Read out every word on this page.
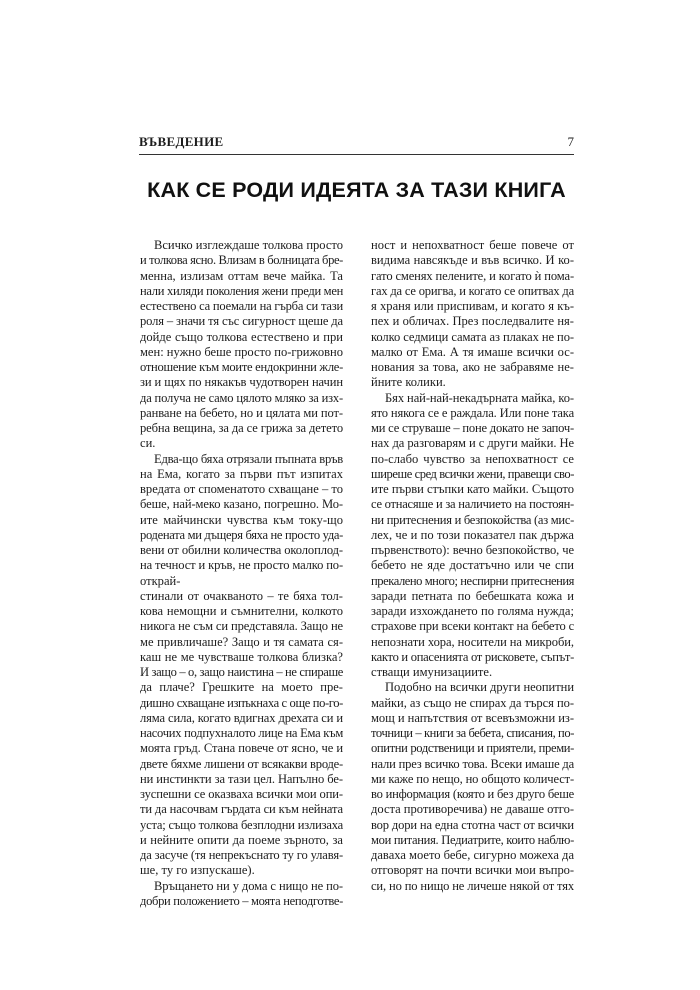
ВЪВЕДЕНИЕ	7
КАК СЕ РОДИ ИДЕЯТА ЗА ТАЗИ КНИГА
Всичко изглеждаше толкова просто
и толкова ясно. Влизам в болницата бре-
менна, излизам оттам вече майка. Та
нали хиляди поколения жени преди мен
естествено са поемали на гърба си тази
роля – значи тя със сигурност щеше да
дойде също толкова естествено и при
мен: нужно беше просто по-грижовно
отношение към моите ендокринни жле-
зи и щях по някакъв чудотворен начин
да получа не само цялото мляко за изх-
ранване на бебето, но и цялата ми пот-
ребна вещина, за да се грижа за детето
си.
Едва-що бяха отрязали пъпната връв
на Ема, когато за първи път изпитах
вредата от споменатото схващане – то
беше, най-меко казано, погрешно. Мо-
ите майчински чувства към току-що
родената ми дъщеря бяха не просто уда-
вени от обилни количества околоплод-
на течност и кръв, не просто малко по-
открай-
стинали от очакваното – те бяха тол-
кова немощни и съмнителни, колкото
никога не съм си представяла. Защо не
ме привличаше? Защо и тя самата ся-
каш не ме чувстваше толкова близка?
И защо – о, защо наистина – не спираше
да плаче? Грешките на моето пре-
дишно схващане изпъкнаха с още по-го-
ляма сила, когато вдигнах дрехата си и
насочих подпухналото лице на Ема към
моята гръд. Стана повече от ясно, че и
двете бяхме лишени от всякакви вроде-
ни инстинкти за тази цел. Напълно бе-
зуспешни се оказваха всички мои опи-
ти да насочвам гърдата си към нейната
уста; също толкова безплодни излизаха
и нейните опити да поеме зърното, за
да засуче (тя непрекъснато ту го улавя-
ше, ту го изпускаше).
Връщането ни у дома с нищо не по-
добри положението – моята неподготве-
ност и непохватност беше повече от
видима навсякъде и във всичко. И ко-
гато сменях пелените, и когато ѝ пома-
гах да се оригва, и когато се опитвах да
я храня или приспивам, и когато я къ-
пех и обличах. През последвалите ня-
колко седмици самата аз плаках не по-
малко от Ема. А тя имаше всички ос-
нования за това, ако не забравяме не-
йните колики.
Бях най-най-некадърната майка, ко-
ято някога се е раждала. Или поне така
ми се струваше – поне докато не започ-
нах да разговарям и с други майки. Не
по-слабо чувство за непохватност се
ширеше сред всички жени, правещи сво-
ите първи стъпки като майки. Същото
се отнасяше и за наличието на постоян-
ни притеснения и безпокойства (аз мис-
лех, че и по този показател пак държа
първенството): вечно безпокойство, че
бебето не яде достатъчно или че спи
прекалено много; неспирни притеснения
заради петната по бебешката кожа и
заради изхождането по голяма нужда;
страхове при всеки контакт на бебето с
непознати хора, носители на микроби,
както и опасенията от рисковете, съпът-
стващи имунизациите.
Подобно на всички други неопитни
майки, аз също не спирах да търся по-
мощ и напътствия от всевъзможни из-
точници – книги за бебета, списания, по-
опитни родственици и приятели, преми-
нали през всичко това. Всеки имаше да
ми каже по нещо, но общото количест-
во информация (която и без друго беше
доста противоречива) не даваше отго-
вор дори на една стотна част от всички
мои питания. Педиатрите, които наблю-
даваха моето бебе, сигурно можеха да
отговорят на почти всички мои въпро-
си, но по нищо не личеше някой от тях
